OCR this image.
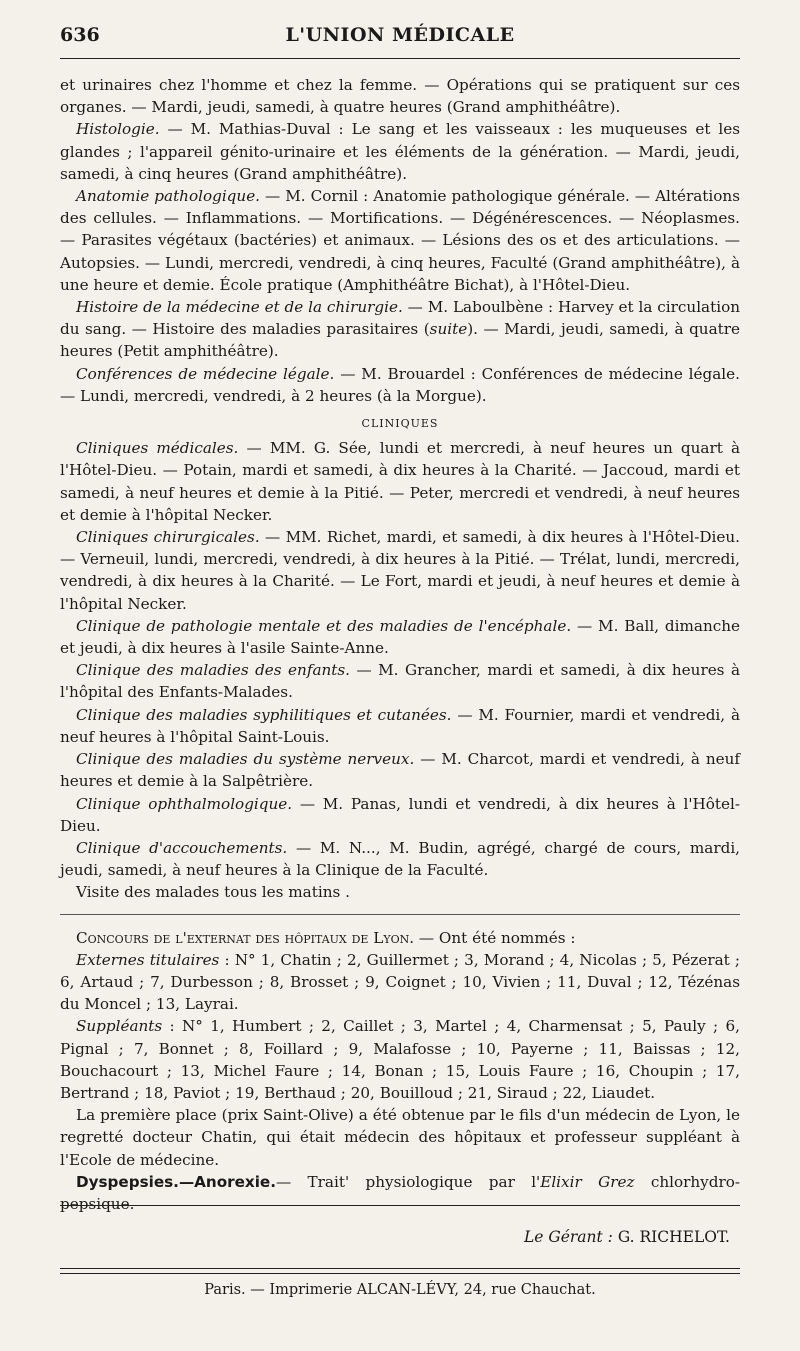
636	L'UNION MÉDICALE

et urinaires chez l'homme et chez la femme. — Opérations qui se pratiquent sur ces organes. — Mardi, jeudi, samedi, à quatre heures (Grand amphithéâtre).

Histologie. — M. Mathias-Duval : Le sang et les vaisseaux : les muqueuses et les glandes ; l'appareil génito-urinaire et les éléments de la génération. — Mardi, jeudi, samedi, à cinq heures (Grand amphithéâtre).

Anatomie pathologique. — M. Cornil : Anatomie pathologique générale. — Altérations des cellules. — Inflammations. — Mortifications. — Dégénérescences. — Néoplasmes. — Parasites végétaux (bactéries) et animaux. — Lésions des os et des articulations. — Autopsies. — Lundi, mercredi, vendredi, à cinq heures, Faculté (Grand amphithéâtre), à une heure et demie. École pratique (Amphithéâtre Bichat), à l'Hôtel-Dieu.

Histoire de la médecine et de la chirurgie. — M. Laboulbène : Harvey et la circulation du sang. — Histoire des maladies parasitaires (suite). — Mardi, jeudi, samedi, à quatre heures (Petit amphithéâtre).

Conférences de médecine légale. — M. Brouardel : Conférences de médecine légale. — Lundi, mercredi, vendredi, à 2 heures (à la Morgue).

CLINIQUES

Cliniques médicales. — MM. G. Sée, lundi et mercredi, à neuf heures un quart à l'Hôtel-Dieu. — Potain, mardi et samedi, à dix heures à la Charité. — Jaccoud, mardi et samedi, à neuf heures et demie à la Pitié. — Peter, mercredi et vendredi, à neuf heures et demie à l'hôpital Necker.

Cliniques chirurgicales. — MM. Richet, mardi, et samedi, à dix heures à l'Hôtel-Dieu. — Verneuil, lundi, mercredi, vendredi, à dix heures à la Pitié. — Trélat, lundi, mercredi, vendredi, à dix heures à la Charité. — Le Fort, mardi et jeudi, à neuf heures et demie à l'hôpital Necker.

Clinique de pathologie mentale et des maladies de l'encéphale. — M. Ball, dimanche et jeudi, à dix heures à l'asile Sainte-Anne.

Clinique des maladies des enfants. — M. Grancher, mardi et samedi, à dix heures à l'hôpital des Enfants-Malades.

Clinique des maladies syphilitiques et cutanées. — M. Fournier, mardi et vendredi, à neuf heures à l'hôpital Saint-Louis.

Clinique des maladies du système nerveux. — M. Charcot, mardi et vendredi, à neuf heures et demie à la Salpêtrière.

Clinique ophthalmologique. — M. Panas, lundi et vendredi, à dix heures à l'Hôtel-Dieu.

Clinique d'accouchements. — M. N..., M. Budin, agrégé, chargé de cours, mardi, jeudi, samedi, à neuf heures à la Clinique de la Faculté.

Visite des malades tous les matins .

Concours de l'externat des hôpitaux de Lyon. — Ont été nommés :

Externes titulaires : N° 1, Chatin ; 2, Guillermet ; 3, Morand ; 4, Nicolas ; 5, Pézerat ; 6, Artaud ; 7, Durbesson ; 8, Brosset ; 9, Coignet ; 10, Vivien ; 11, Duval ; 12, Tézénas du Moncel ; 13, Layrai.

Suppléants : N° 1, Humbert ; 2, Caillet ; 3, Martel ; 4, Charmensat ; 5, Pauly ; 6, Pignal ; 7, Bonnet ; 8, Foillard ; 9, Malafosse ; 10, Payerne ; 11, Baissas ; 12, Bouchacourt ; 13, Michel Faure ; 14, Bonan ; 15, Louis Faure ; 16, Choupin ; 17, Bertrand ; 18, Paviot ; 19, Berthaud ; 20, Bouilloud ; 21, Siraud ; 22, Liaudet.

La première place (prix Saint-Olive) a été obtenue par le fils d'un médecin de Lyon, le regretté docteur Chatin, qui était médecin des hôpitaux et professeur suppléant à l'Ecole de médecine.

Dyspepsies.—Anorexie.— Trait' physiologique par l'Elixir Grez chlorhydro-pepsique.

Le Gérant : G. RICHELOT.
Paris. — Imprimerie ALCAN-LÉVY, 24, rue Chauchat.
